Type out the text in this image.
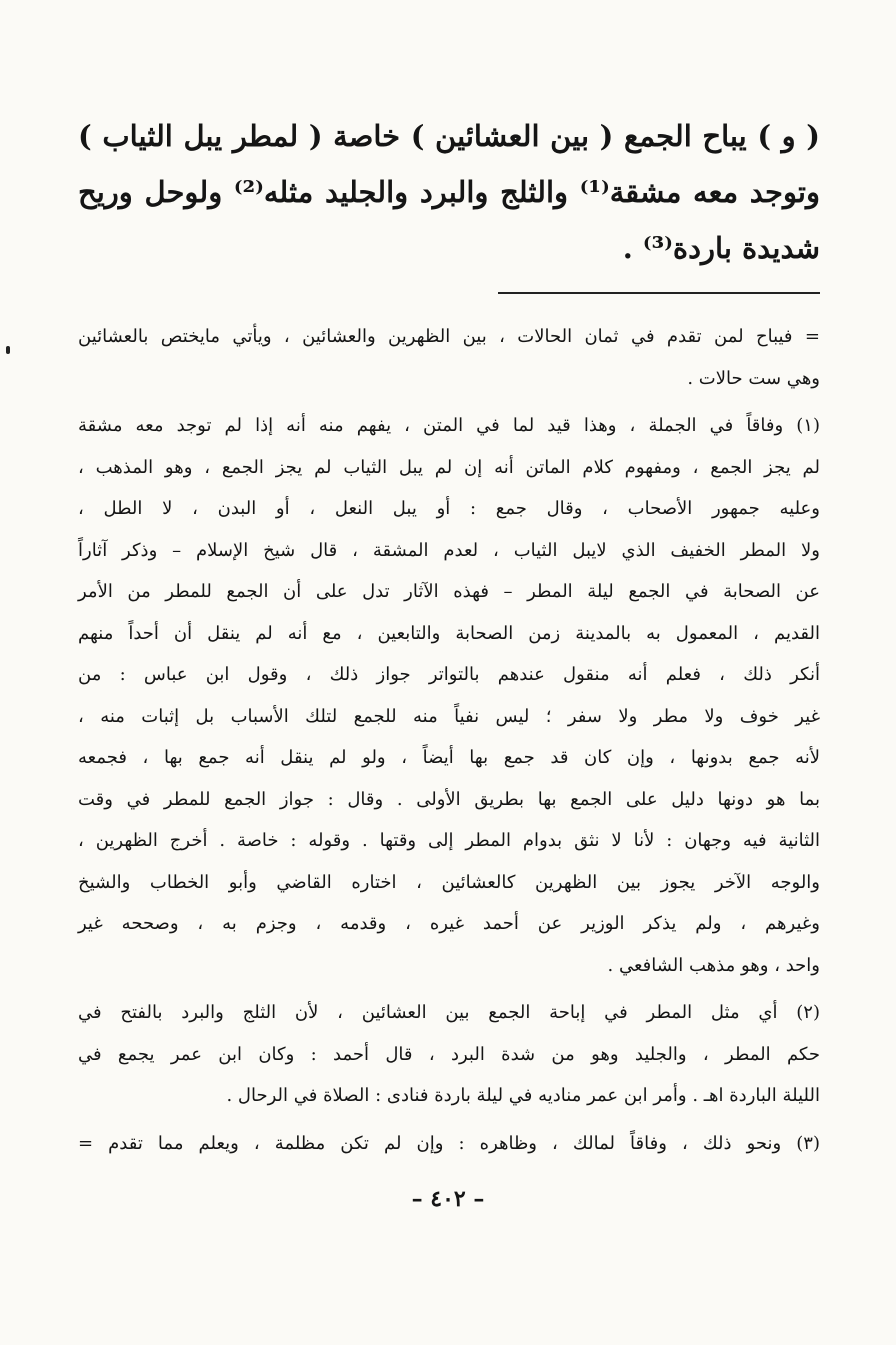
( و ) يباح الجمع ( بين العشائين ) خاصة ( لمطر يبل الثياب )
وتوجد معه مشقة⁽¹⁾ والثلج والبرد والجليد مثله⁽²⁾ ولوحل وريح
شديدة باردة⁽³⁾ .
= فيباح لمن تقدم في ثمان الحالات ، بين الظهرين والعشائين ، ويأتي مايختص بالعشائين
وهي ست حالات .
(١) وفاقاً في الجملة ، وهذا قيد لما في المتن ، يفهم منه أنه إذا لم توجد معه مشقة
لم يجز الجمع ، ومفهوم كلام الماتن أنه إن لم يبل الثياب لم يجز الجمع ، وهو المذهب ،
وعليه جمهور الأصحاب ، وقال جمع : أو يبل النعل ، أو البدن ، لا الطل ،
ولا المطر الخفيف الذي لايبل الثياب ، لعدم المشقة ، قال شيخ الإسلام – وذكر آثاراً
عن الصحابة في الجمع ليلة المطر – فهذه الآثار تدل على أن الجمع للمطر من الأمر
القديم ، المعمول به بالمدينة زمن الصحابة والتابعين ، مع أنه لم ينقل أن أحداً منهم
أنكر ذلك ، فعلم أنه منقول عندهم بالتواتر جواز ذلك ، وقول ابن عباس : من
غير خوف ولا مطر ولا سفر ؛ ليس نفياً منه للجمع لتلك الأسباب بل إثبات منه ،
لأنه جمع بدونها ، وإن كان قد جمع بها أيضاً ، ولو لم ينقل أنه جمع بها ، فجمعه
بما هو دونها دليل على الجمع بها بطريق الأولى . وقال : جواز الجمع للمطر في وقت
الثانية فيه وجهان : لأنا لا نثق بدوام المطر إلى وقتها . وقوله : خاصة . أخرج الظهرين ،
والوجه الآخر يجوز بين الظهرين كالعشائين ، اختاره القاضي وأبو الخطاب والشيخ
وغيرهم ، ولم يذكر الوزير عن أحمد غيره ، وقدمه ، وجزم به ، وصححه غير
واحد ، وهو مذهب الشافعي .
(٢) أي مثل المطر في إباحة الجمع بين العشائين ، لأن الثلج والبرد بالفتح في
حكم المطر ، والجليد وهو من شدة البرد ، قال أحمد : وكان ابن عمر يجمع في
الليلة الباردة اهـ . وأمر ابن عمر مناديه في ليلة باردة فنادى : الصلاة في الرحال .
(٣) ونحو ذلك ، وفاقاً لمالك ، وظاهره : وإن لم تكن مظلمة ، ويعلم مما تقدم =
– ٤٠٢ –
